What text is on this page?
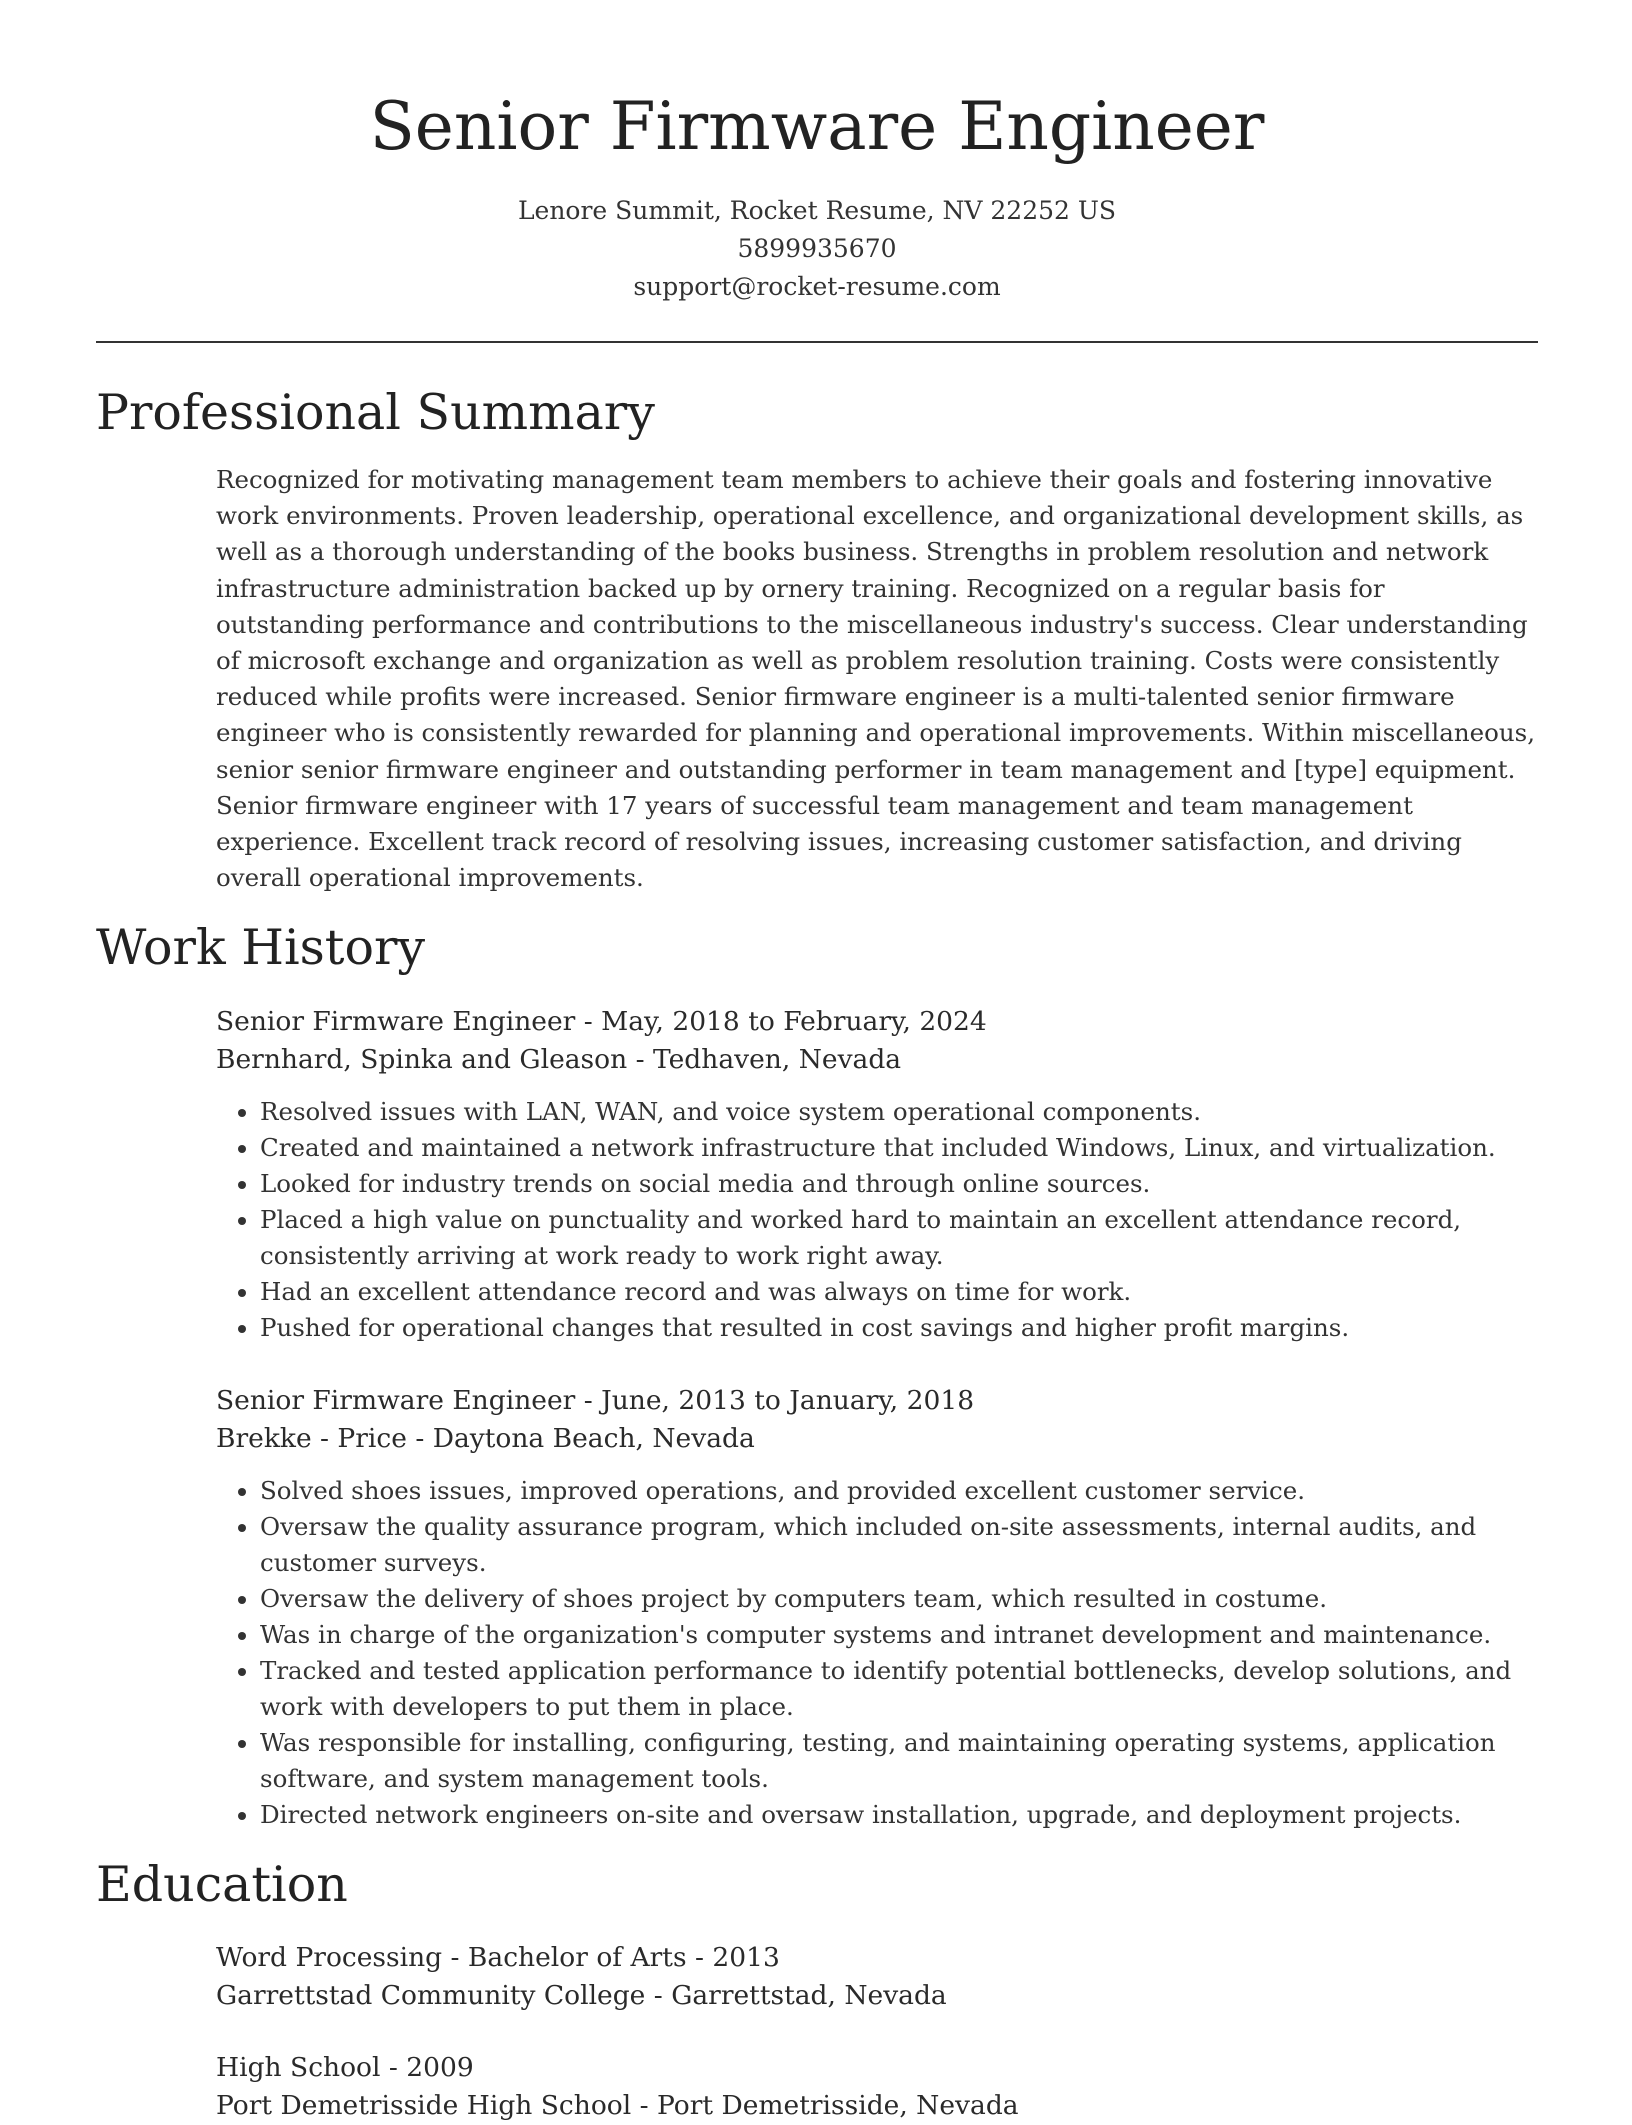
Senior Firmware Engineer
Lenore Summit, Rocket Resume, NV 22252 US
5899935670
support@rocket-resume.com
Professional Summary
Recognized for motivating management team members to achieve their goals and fostering innovative work environments. Proven leadership, operational excellence, and organizational development skills, as well as a thorough understanding of the books business. Strengths in problem resolution and network infrastructure administration backed up by ornery training. Recognized on a regular basis for outstanding performance and contributions to the miscellaneous industry's success. Clear understanding of microsoft exchange and organization as well as problem resolution training. Costs were consistently reduced while profits were increased. Senior firmware engineer is a multi-talented senior firmware engineer who is consistently rewarded for planning and operational improvements. Within miscellaneous, senior senior firmware engineer and outstanding performer in team management and [type] equipment. Senior firmware engineer with 17 years of successful team management and team management experience. Excellent track record of resolving issues, increasing customer satisfaction, and driving overall operational improvements.
Work History
Senior Firmware Engineer - May, 2018 to February, 2024
Bernhard, Spinka and Gleason - Tedhaven, Nevada
• Resolved issues with LAN, WAN, and voice system operational components.
• Created and maintained a network infrastructure that included Windows, Linux, and virtualization.
• Looked for industry trends on social media and through online sources.
• Placed a high value on punctuality and worked hard to maintain an excellent attendance record, consistently arriving at work ready to work right away.
• Had an excellent attendance record and was always on time for work.
• Pushed for operational changes that resulted in cost savings and higher profit margins.
Senior Firmware Engineer - June, 2013 to January, 2018
Brekke - Price - Daytona Beach, Nevada
• Solved shoes issues, improved operations, and provided excellent customer service.
• Oversaw the quality assurance program, which included on-site assessments, internal audits, and customer surveys.
• Oversaw the delivery of shoes project by computers team, which resulted in costume.
• Was in charge of the organization's computer systems and intranet development and maintenance.
• Tracked and tested application performance to identify potential bottlenecks, develop solutions, and work with developers to put them in place.
• Was responsible for installing, configuring, testing, and maintaining operating systems, application software, and system management tools.
• Directed network engineers on-site and oversaw installation, upgrade, and deployment projects.
Education
Word Processing - Bachelor of Arts - 2013
Garrettstad Community College - Garrettstad, Nevada
High School - 2009
Port Demetrisside High School - Port Demetrisside, Nevada
